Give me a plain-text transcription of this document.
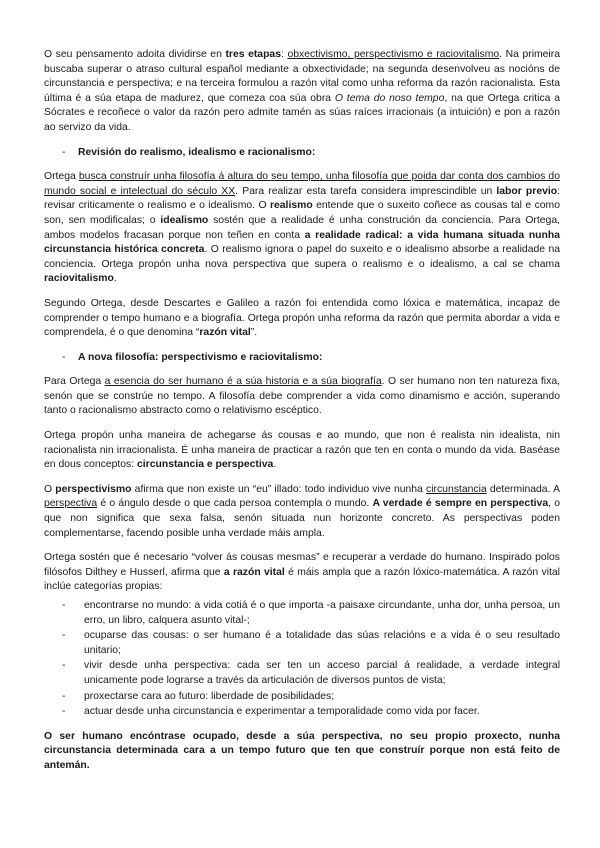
O seu pensamento adoita dividirse en tres etapas: obxectivismo, perspectivismo e raciovitalismo. Na primeira buscaba superar o atraso cultural español mediante a obxectividade; na segunda desenvolveu as nocións de circunstancia e perspectiva; e na terceira formulou a razón vital como unha reforma da razón racionalista. Esta última é a súa etapa de madurez, que comeza coa súa obra O tema do noso tempo, na que Ortega critica a Sócrates e recoñece o valor da razón pero admite tamén as súas raíces irracionais (a intuición) e pon a razón ao servizo da vida.

-	Revisión do realismo, idealismo e racionalismo:

Ortega busca construír unha filosofía á altura do seu tempo, unha filosofía que poida dar conta dos cambios do mundo social e intelectual do século XX. Para realizar esta tarefa considera imprescindible un labor previo: revisar criticamente o realismo e o idealismo. O realismo entende que o suxeito coñece as cousas tal e como son, sen modificalas; o idealismo sostén que a realidade é unha construción da conciencia. Para Ortega, ambos modelos fracasan porque non teñen en conta a realidade radical: a vida humana situada nunha circunstancia histórica concreta. O realismo ignora o papel do suxeito e o idealismo absorbe a realidade na conciencia. Ortega propón unha nova perspectiva que supera o realismo e o idealismo, a cal se chama raciovitalismo.

Segundo Ortega, desde Descartes e Galileo a razón foi entendida como lóxica e matemática, incapaz de comprender o tempo humano e a biografía. Ortega propón unha reforma da razón que permita abordar a vida e comprendela, é o que denomina “razón vital”.

-	A nova filosofía: perspectivismo e raciovitalismo:

Para Ortega a esencia do ser humano é a súa historia e a súa biografía. O ser humano non ten natureza fixa, senón que se constrúe no tempo. A filosofía debe comprender a vida como dinamismo e acción, superando tanto o racionalismo abstracto como o relativismo escéptico.

Ortega propón unha maneira de achegarse ás cousas e ao mundo, que non é realista nin idealista, nin racionalista nin irracionalista. É unha maneira de practicar a razón que ten en conta o mundo da vida. Baséase en dous conceptos: circunstancia e perspectiva.

O perspectivismo afirma que non existe un “eu” illado: todo individuo vive nunha circunstancia determinada. A perspectiva é o ángulo desde o que cada persoa contempla o mundo. A verdade é sempre en perspectiva, o que non significa que sexa falsa, senón situada nun horizonte concreto. As perspectivas poden complementarse, facendo posible unha verdade máis ampla.

Ortega sostén que é necesario “volver ás cousas mesmas” e recuperar a verdade do humano. Inspirado polos filósofos Dilthey e Husserl, afirma que a razón vital é máis ampla que a razón lóxico-matemática. A razón vital inclúe categorías propias:

-	encontrarse no mundo: a vida cotiá é o que importa -a paisaxe circundante, unha dor, unha persoa, un erro, un libro, calquera asunto vital-;
-	ocuparse das cousas: o ser humano é a totalidade das súas relacións e a vida é o seu resultado unitario;
-	vivir desde unha perspectiva: cada ser ten un acceso parcial á realidade, a verdade integral unicamente pode lograrse a través da articulación de diversos puntos de vista;
-	proxectarse cara ao futuro: liberdade de posibilidades;
-	actuar desde unha circunstancia e experimentar a temporalidade como vida por facer.

O ser humano encóntrase ocupado, desde a súa perspectiva, no seu propio proxecto, nunha circunstancia determinada cara a un tempo futuro que ten que construír porque non está feito de antemán.
